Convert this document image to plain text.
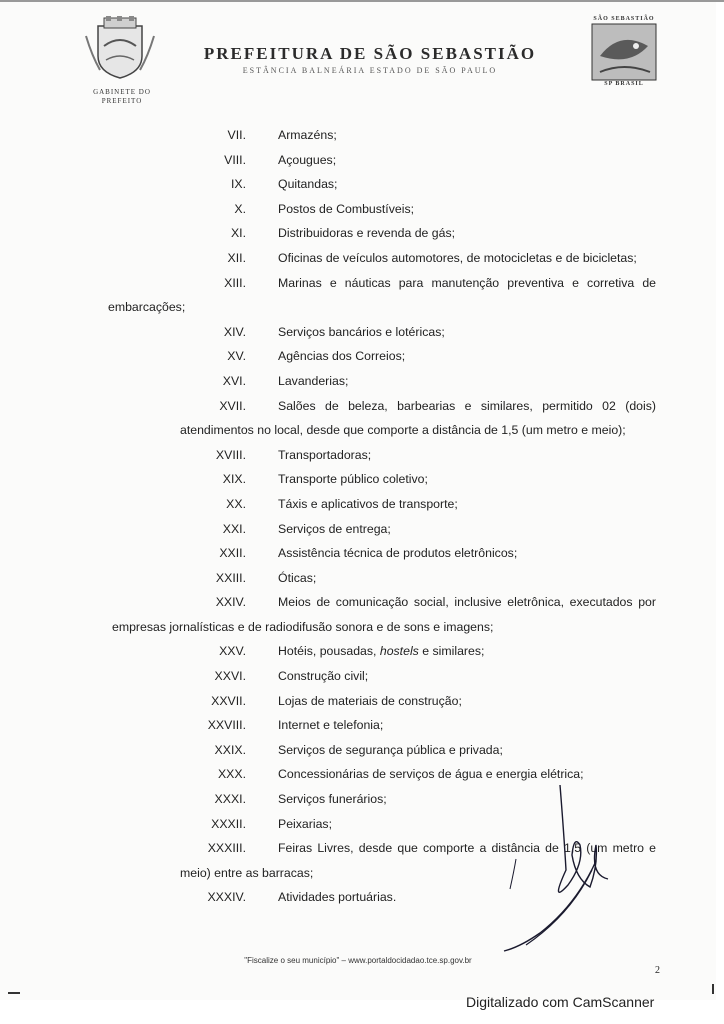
GABINETE DO
PREFEITO
PREFEITURA DE SÃO SEBASTIÃO
ESTÂNCIA BALNEÁRIA ESTADO DE SÃO PAULO
SÃO SEBASTIÃO
SP BRASIL
VII.	Armazéns;
VIII.	Açougues;
IX.	Quitandas;
X.	Postos de Combustíveis;
XI.	Distribuidoras e revenda de gás;
XII.	Oficinas de veículos automotores, de motocicletas e de bicicletas;
XIII.	Marinas e náuticas para manutenção preventiva e corretiva de
embarcações;
XIV.	Serviços bancários e lotéricas;
XV.	Agências dos Correios;
XVI.	Lavanderias;
XVII.	Salões de beleza, barbearias e similares, permitido 02 (dois)
atendimentos no local, desde que comporte a distância de 1,5 (um metro e meio);
XVIII.	Transportadoras;
XIX.	Transporte público coletivo;
XX.	Táxis e aplicativos de transporte;
XXI.	Serviços de entrega;
XXII.	Assistência técnica de produtos eletrônicos;
XXIII.	Óticas;
XXIV.	Meios de comunicação social, inclusive eletrônica, executados por
empresas jornalísticas e de radiodifusão sonora e de sons e imagens;
XXV.	Hotéis, pousadas, hostels e similares;
XXVI.	Construção civil;
XXVII.	Lojas de materiais de construção;
XXVIII.	Internet e telefonia;
XXIX.	Serviços de segurança pública e privada;
XXX.	Concessionárias de serviços de água e energia elétrica;
XXXI.	Serviços funerários;
XXXII.	Peixarias;
XXXIII.	Feiras Livres, desde que comporte a distância de 1,5 (um metro e
meio) entre as barracas;
XXXIV.	Atividades portuárias.
"Fiscalize o seu município" – www.portaldocidadao.tce.sp.gov.br
2
Digitalizado com CamScanner
